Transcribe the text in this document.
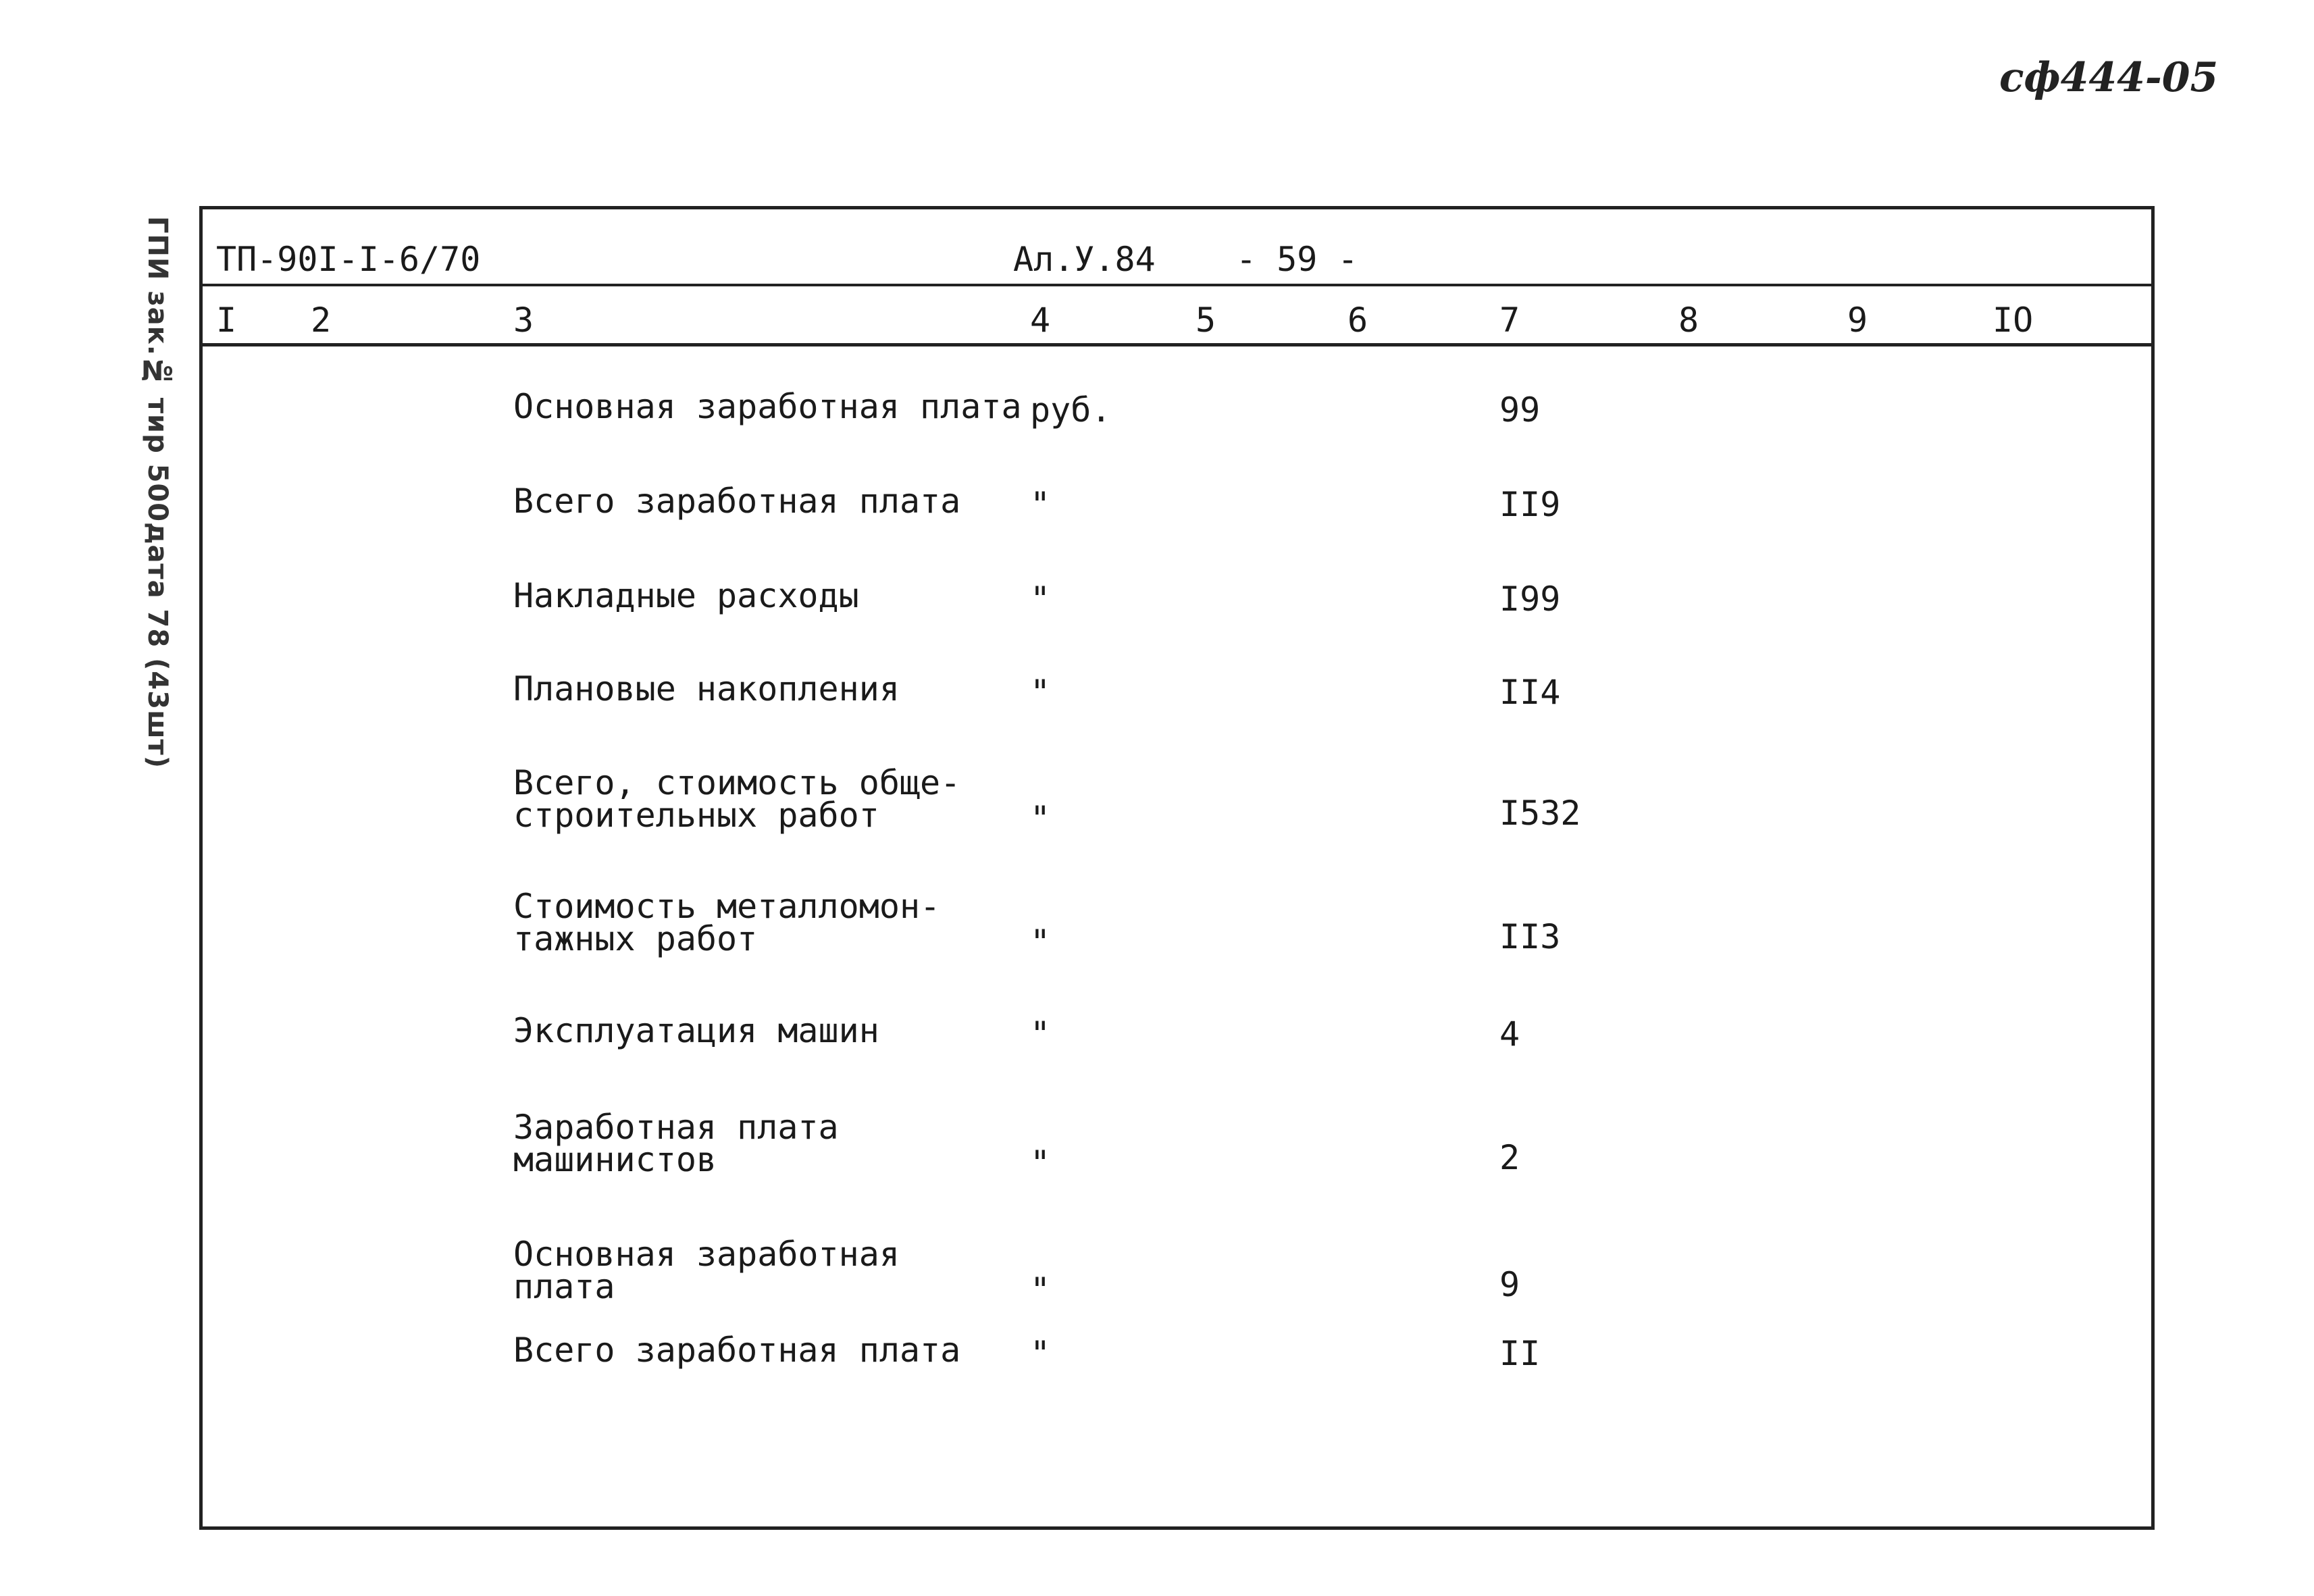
сф444-05
ГПИ зак.№ тир 500дата 78 (43шт) ТП-90I-I-6/70	Ал.У.84 - 59 -
I 2	3	4	5	6	7	8	9	IO
Основная заработная плата руб.	99
Всего заработная плата "	II9
Накладные расходы	"	I99
Плановые накопления	"	II4
Всего, стоимость обще-
строительных работ	"	I532
Стоимость металломон-
тажных работ	"	II3
Эксплуатация машин	"	4
Заработная плата
машинистов	"	2
Основная заработная
плата	"	9
Всего заработная плата "	II
